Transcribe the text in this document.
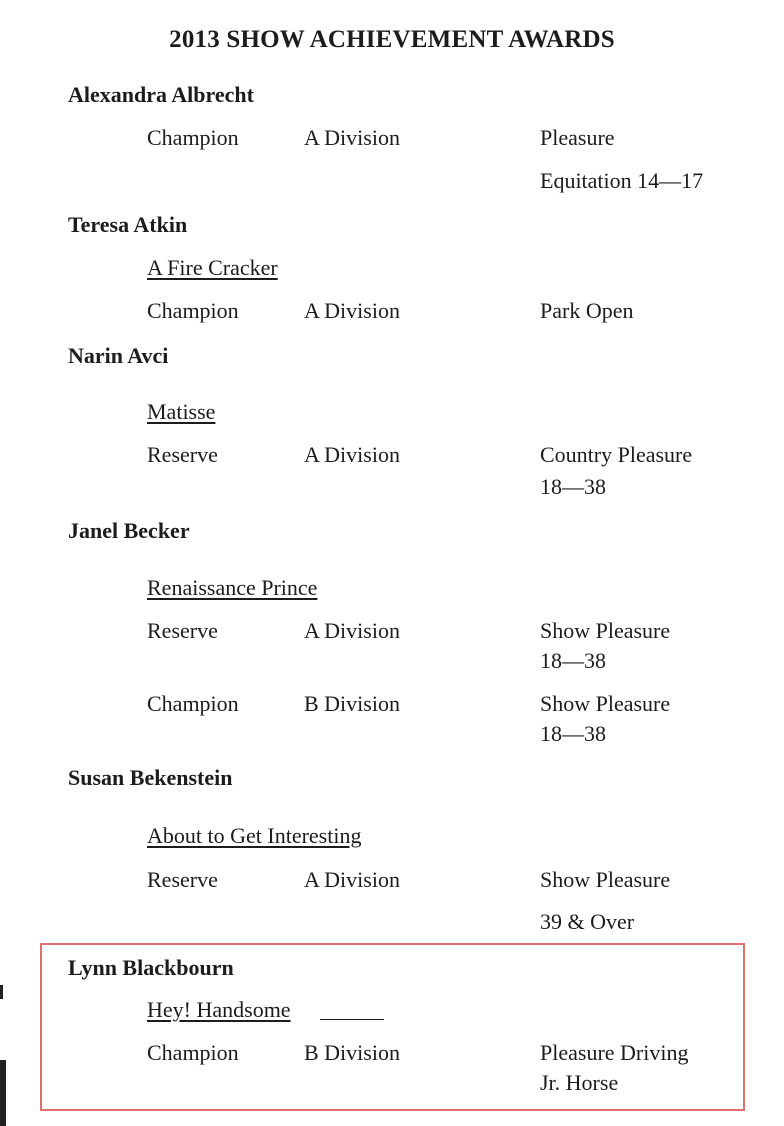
2013 SHOW ACHIEVEMENT AWARDS
Alexandra Albrecht
Champion	A Division	Pleasure
Equitation 14—17
Teresa Atkin
A Fire Cracker
Champion	A Division	Park Open
Narin Avci
Matisse
Reserve	A Division	Country Pleasure
18—38
Janel Becker
Renaissance Prince
Reserve	A Division	Show Pleasure
18—38
Champion	B Division	Show Pleasure
18—38
Susan Bekenstein
About to Get Interesting
Reserve	A Division	Show Pleasure
39 & Over
Lynn Blackbourn
Hey! Handsome
Champion	B Division	Pleasure Driving
Jr. Horse
